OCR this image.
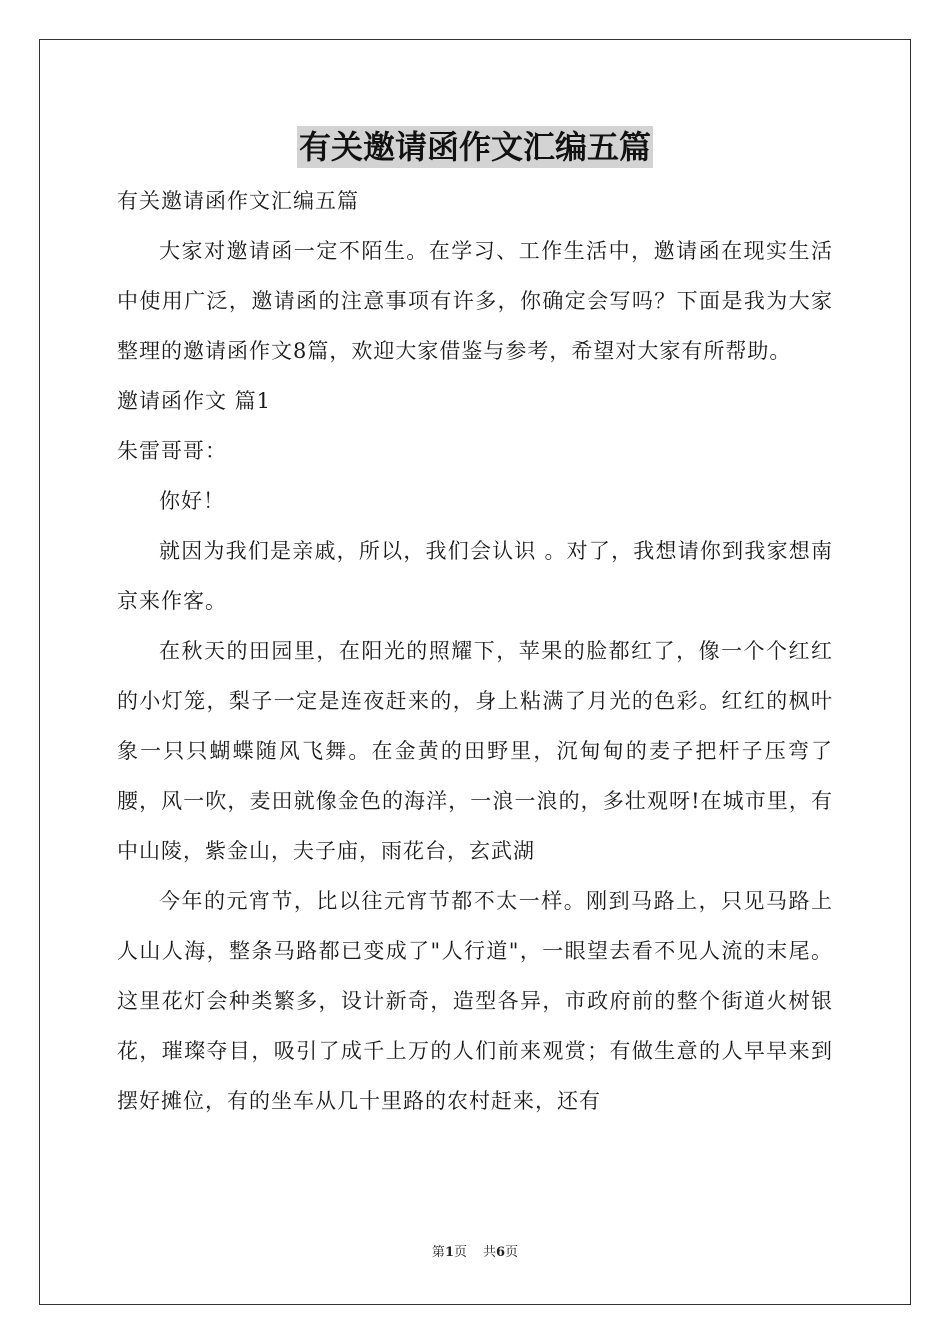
有关邀请函作文汇编五篇

有关邀请函作文汇编五篇

大家对邀请函一定不陌生。在学习、工作生活中，邀请函在现实生活中使用广泛，邀请函的注意事项有许多，你确定会写吗？下面是我为大家整理的邀请函作文8篇，欢迎大家借鉴与参考，希望对大家有所帮助。

邀请函作文 篇1

朱雷哥哥：

你好！

就因为我们是亲戚，所以，我们会认识 。对了，我想请你到我家想南京来作客。

在秋天的田园里，在阳光的照耀下，苹果的脸都红了，像一个个红红的小灯笼，梨子一定是连夜赶来的，身上粘满了月光的色彩。红红的枫叶象一只只蝴蝶随风飞舞。在金黄的田野里，沉甸甸的麦子把杆子压弯了腰，风一吹，麦田就像金色的海洋，一浪一浪的，多壮观呀!在城市里，有中山陵，紫金山，夫子庙，雨花台，玄武湖

今年的元宵节，比以往元宵节都不太一样。刚到马路上，只见马路上人山人海，整条马路都已变成了"人行道"，一眼望去看不见人流的末尾。这里花灯会种类繁多，设计新奇，造型各异，市政府前的整个街道火树银花，璀璨夺目，吸引了成千上万的人们前来观赏；有做生意的人早早来到摆好摊位，有的坐车从几十里路的农村赶来，还有

第1页 共6页
